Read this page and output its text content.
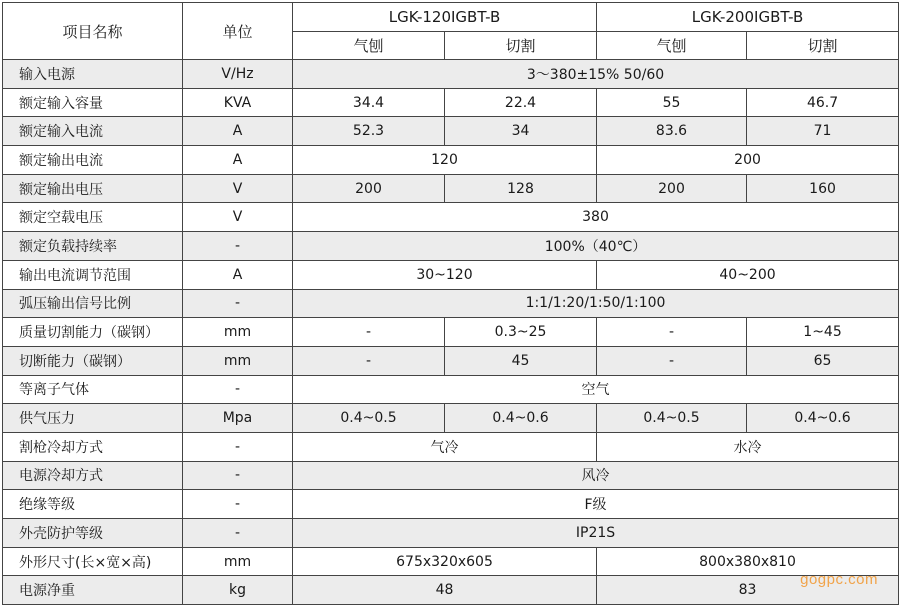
项目名称	单位	LGK-120IGBT-B		LGK-200IGBT-B	
		气刨	切割	气刨	切割
输入电源	V/Hz	3～380±15% 50/60			
额定输入容量	KVA	34.4	22.4	55	46.7
额定输入电流	A	52.3	34	83.6	71
额定输出电流	A	120		200	
额定输出电压	V	200	128	200	160
额定空载电压	V	380			
额定负载持续率	-	100%（40℃）			
输出电流调节范围	A	30~120		40~200	
弧压输出信号比例	-	1:1/1:20/1:50/1:100			
质量切割能力（碳钢）	mm	-	0.3~25	-	1~45
切断能力（碳钢）	mm	-	45	-	65
等离子气体	-	空气			
供气压力	Mpa	0.4~0.5	0.4~0.6	0.4~0.5	0.4~0.6
割枪冷却方式	-	气冷		水冷	
电源冷却方式	-	风冷			
绝缘等级	-	F级			
外壳防护等级	-	IP21S			
外形尺寸(长×宽×高)	mm	675x320x605		800x380x810	
电源净重	kg	48		83	
gogpc.com
